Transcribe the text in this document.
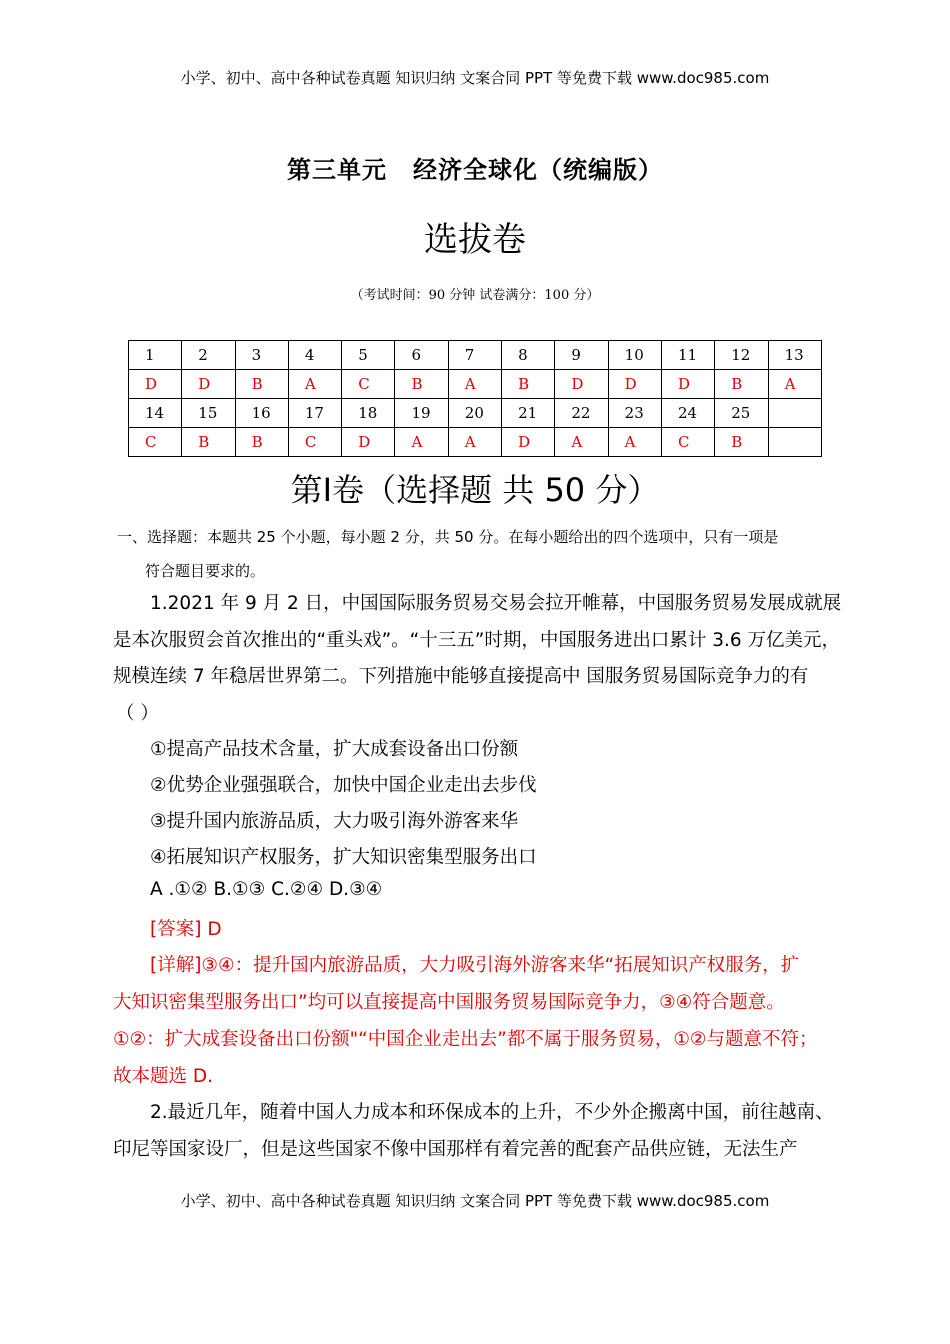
小学、初中、高中各种试卷真题 知识归纳 文案合同 PPT 等免费下载 www.doc985.com
第三单元 经济全球化（统编版）
选拔卷
（考试时间：90 分钟 试卷满分：100 分）
1	2	3	4	5	6	7	8	9	10	11	12	13
D	D	B	A	C	B	A	B	D	D	D	B	A
14	15	16	17	18	19	20	21	22	23	24	25	
C	B	B	C	D	A	A	D	A	A	C	B	
第Ⅰ卷（选择题 共 50 分）
一、选择题：本题共 25 个小题，每小题 2 分，共 50 分。在每小题给出的四个选项中，只有一项是
符合题目要求的。
1.2021 年 9 月 2 日，中国国际服务贸易交易会拉开帷幕，中国服务贸易发展成就展
是本次服贸会首次推出的“重头戏”。“十三五”时期，中国服务进出口累计 3.6 万亿美元，
规模连续 7 年稳居世界第二。下列措施中能够直接提高中 国服务贸易国际竞争力的有
（ ）
①提高产品技术含量，扩大成套设备出口份额
②优势企业强强联合，加快中国企业走出去步伐
③提升国内旅游品质，大力吸引海外游客来华
④拓展知识产权服务，扩大知识密集型服务出口
A .①② B.①③ C.②④ D.③④
[答案] D
[详解]③④：提升国内旅游品质，大力吸引海外游客来华“拓展知识产权服务，扩
大知识密集型服务出口”均可以直接提高中国服务贸易国际竞争力，③④符合题意。
①②：扩大成套设备出口份额"“中国企业走出去”都不属于服务贸易，①②与题意不符；
故本题选 D.
2.最近几年，随着中国人力成本和环保成本的上升，不少外企搬离中国，前往越南、
印尼等国家设厂，但是这些国家不像中国那样有着完善的配套产品供应链，无法生产
小学、初中、高中各种试卷真题 知识归纳 文案合同 PPT 等免费下载 www.doc985.com
